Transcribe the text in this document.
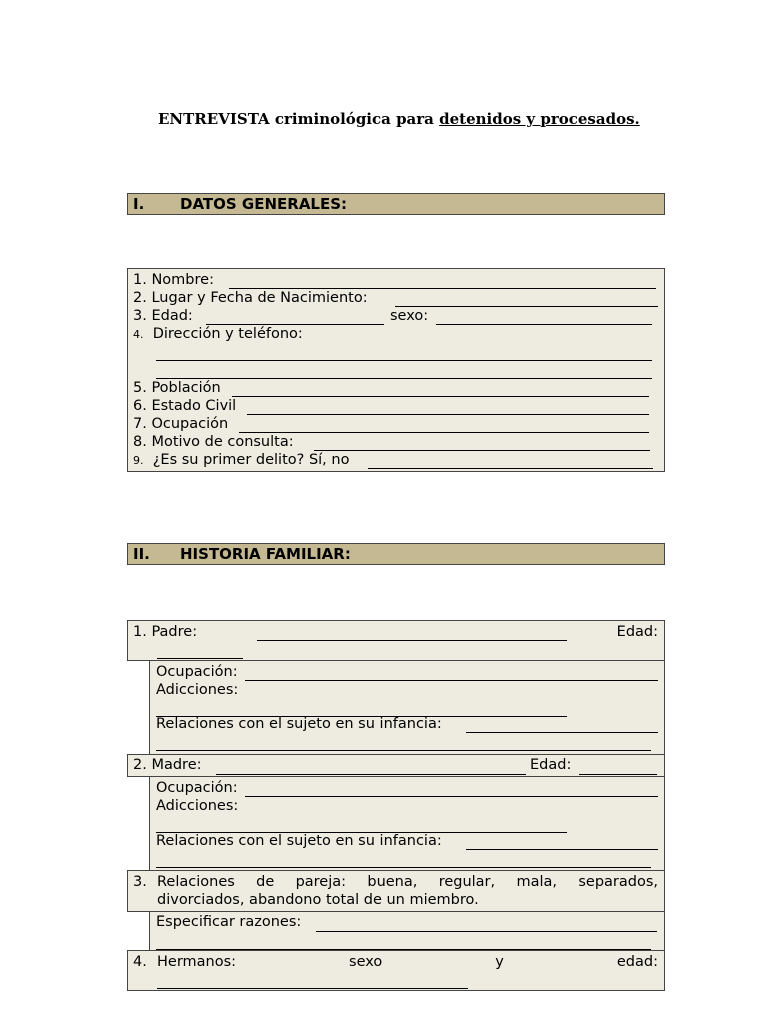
ENTREVISTA criminológica para detenidos y procesados.
I. DATOS GENERALES:
1. Nombre:
2. Lugar y Fecha de Nacimiento:
3. Edad:	sexo:
4. Dirección y teléfono:
5. Población
6. Estado Civil
7. Ocupación
8. Motivo de consulta:
9. ¿Es su primer delito? Sí, no
II. HISTORIA FAMILIAR:
1. Padre:	Edad:
Ocupación:
Adicciones:
Relaciones con el sujeto en su infancia:
2. Madre:	Edad:
Ocupación:
Adicciones:
Relaciones con el sujeto en su infancia:
3. Relaciones de pareja: buena, regular, mala, separados,
divorciados, abandono total de un miembro.
Especificar razones:
4. Hermanos:	sexo	y	edad:
